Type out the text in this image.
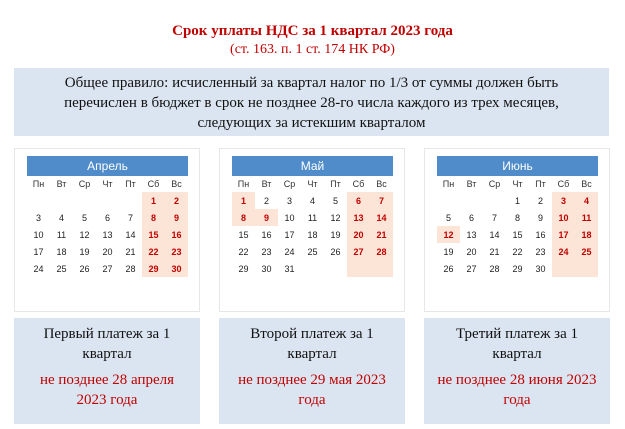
Срок уплаты НДС за 1 квартал 2023 года
(ст. 163. п. 1 ст. 174 НК РФ)
Общее правило: исчисленный за квартал налог по 1/3 от суммы должен быть перечислен в бюджет в срок не позднее 28-го числа каждого из трех месяцев, следующих за истекшим кварталом
Апрель
Пн	Вт	Ср	Чт	Пт	Сб	Вс
					1	2
3	4	5	6	7	8	9
10	11	12	13	14	15	16
17	18	19	20	21	22	23
24	25	26	27	28	29	30
Май
Пн	Вт	Ср	Чт	Пт	Сб	Вс
1	2	3	4	5	6	7
8	9	10	11	12	13	14
15	16	17	18	19	20	21
22	23	24	25	26	27	28
29	30	31				
Июнь
Пн	Вт	Ср	Чт	Пт	Сб	Вс
			1	2	3	4
5	6	7	8	9	10	11
12	13	14	15	16	17	18
19	20	21	22	23	24	25
26	27	28	29	30		
Первый платеж за 1 квартал
не позднее 28 апреля 2023 года
Второй платеж за 1 квартал
не позднее 29 мая 2023 года
Третий платеж за 1 квартал
не позднее 28 июня 2023 года
